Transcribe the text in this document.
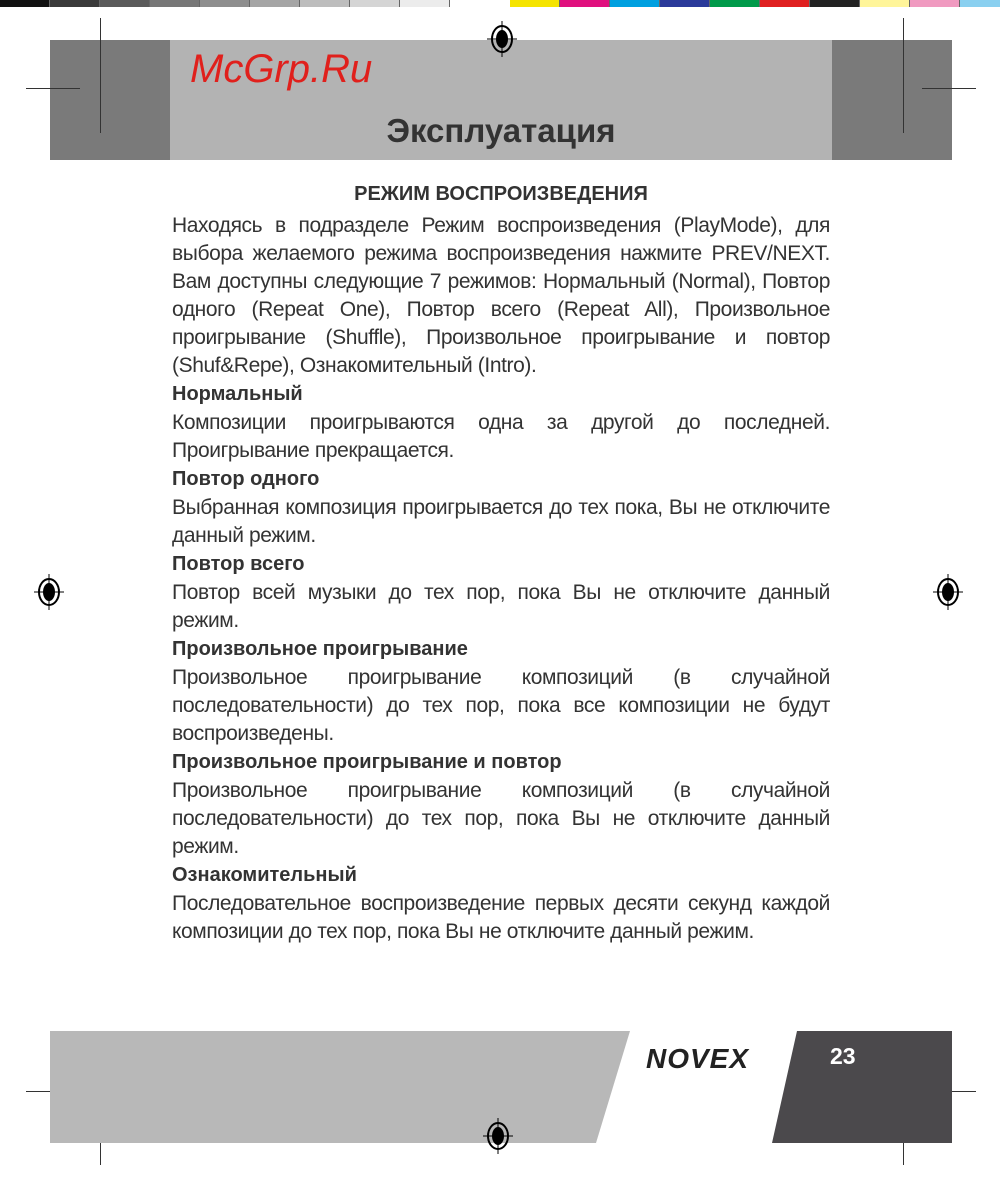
Эксплуатация
РЕЖИМ ВОСПРОИЗВЕДЕНИЯ

Находясь в подразделе Режим воспроизведения (PlayMode), для выбора желаемого режима воспроизведения нажмите PREV/NEXT. Вам доступны следующие 7 режимов: Нормальный (Normal), Повтор одного (Repeat One), Повтор всего (Repeat All), Произвольное проигрывание (Shuffle), Произвольное проигрывание и повтор (Shuf&Repe), Ознакомительный (Intro).

Нормальный

Композиции проигрываются одна за другой до последней. Проигрывание прекращается.

Повтор одного

Выбранная композиция проигрывается до тех пока, Вы не отключите данный режим.

Повтор всего

Повтор всей музыки до тех пор, пока Вы не отключите данный режим.

Произвольное проигрывание

Произвольное проигрывание композиций (в случайной последовательности) до тех пор, пока все композиции не будут воспроизведены.

Произвольное проигрывание и повтор

Произвольное проигрывание композиций (в случайной последовательности) до тех пор, пока Вы не отключите данный режим.

Ознакомительный

Последовательное воспроизведение первых десяти секунд каждой композиции до тех пор, пока Вы не отключите данный режим.

McGrp.Ru
NOVEX	23
